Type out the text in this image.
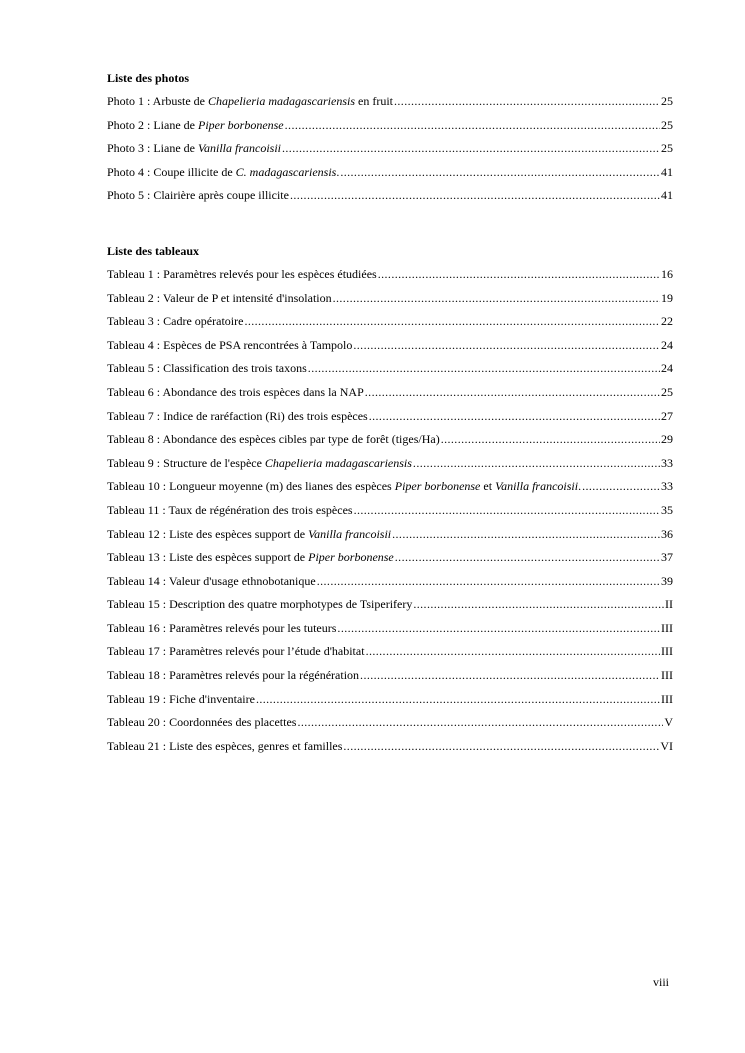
Liste des photos
Photo 1 : Arbuste de Chapelieria madagascariensis en fruit .....	25
Photo 2 : Liane de Piper borbonense .....	25
Photo 3 : Liane de Vanilla francoisii .....	25
Photo 4 : Coupe illicite de C. madagascariensis. .....	41
Photo 5 : Clairière après coupe illicite .....	41
Liste des tableaux
Tableau 1 : Paramètres relevés pour les espèces étudiées .....	16
Tableau 2 : Valeur de P et intensité d'insolation .....	19
Tableau 3 : Cadre opératoire .....	22
Tableau 4 : Espèces de PSA rencontrées à Tampolo .....	24
Tableau 5 : Classification des trois taxons .....	24
Tableau 6 : Abondance des trois espèces dans la NAP .....	25
Tableau 7 : Indice de raréfaction (Ri) des trois espèces .....	27
Tableau 8 : Abondance des espèces cibles par type de forêt (tiges/Ha) .....	29
Tableau 9 : Structure de l'espèce Chapelieria madagascariensis .....	33
Tableau 10 : Longueur moyenne (m) des lianes des espèces Piper borbonense et Vanilla francoisii. .....	33
Tableau 11 : Taux de régénération des trois espèces .....	35
Tableau 12 : Liste des espèces support de Vanilla francoisii .....	36
Tableau 13 : Liste des espèces support de Piper borbonense .....	37
Tableau 14 : Valeur d'usage ethnobotanique .....	39
Tableau 15 : Description des quatre morphotypes de Tsiperifery .....	II
Tableau 16 : Paramètres relevés pour les tuteurs .....	III
Tableau 17 : Paramètres relevés pour l’étude d'habitat .....	III
Tableau 18 : Paramètres relevés pour la régénération .....	III
Tableau 19 : Fiche d'inventaire .....	III
Tableau 20 : Coordonnées des placettes .....	V
Tableau 21 : Liste des espèces, genres et familles .....	VI
viii
